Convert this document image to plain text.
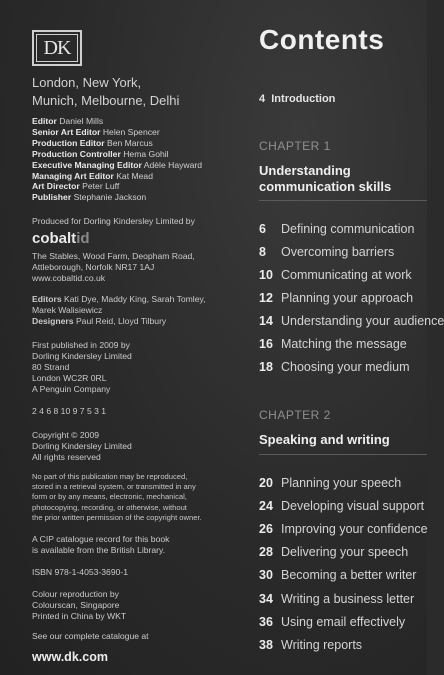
DK
London, New York,
Munich, Melbourne, Delhi
Editor Daniel Mills
Senior Art Editor Helen Spencer
Production Editor Ben Marcus
Production Controller Hema Gohil
Executive Managing Editor Adèle Hayward
Managing Art Editor Kat Mead
Art Director Peter Luff
Publisher Stephanie Jackson
Produced for Dorling Kindersley Limited by
cobaltid
The Stables, Wood Farm, Deopham Road,
Attleborough, Norfolk NR17 1AJ
www.cobaltid.co.uk
Editors Kati Dye, Maddy King, Sarah Tomley,
Marek Walisiewicz
Designers Paul Reid, Lloyd Tilbury
First published in 2009 by
Dorling Kindersley Limited
80 Strand
London WC2R 0RL
A Penguin Company
2 4 6 8 10 9 7 5 3 1
Copyright © 2009
Dorling Kindersley Limited
All rights reserved
No part of this publication may be reproduced,
stored in a retrieval system, or transmitted in any
form or by any means, electronic, mechanical,
photocopying, recording, or otherwise, without
the prior written permission of the copyright owner.
A CIP catalogue record for this book
is available from the British Library.
ISBN 978-1-4053-3690-1
Colour reproduction by
Colourscan, Singapore
Printed in China by WKT
See our complete catalogue at
www.dk.com
Contents
4 Introduction
CHAPTER 1
Understanding
communication skills
6 Defining communication
8 Overcoming barriers
10 Communicating at work
12 Planning your approach
14 Understanding your audience
16 Matching the message
18 Choosing your medium
CHAPTER 2
Speaking and writing
20 Planning your speech
24 Developing visual support
26 Improving your confidence
28 Delivering your speech
30 Becoming a better writer
34 Writing a business letter
36 Using email effectively
38 Writing reports
